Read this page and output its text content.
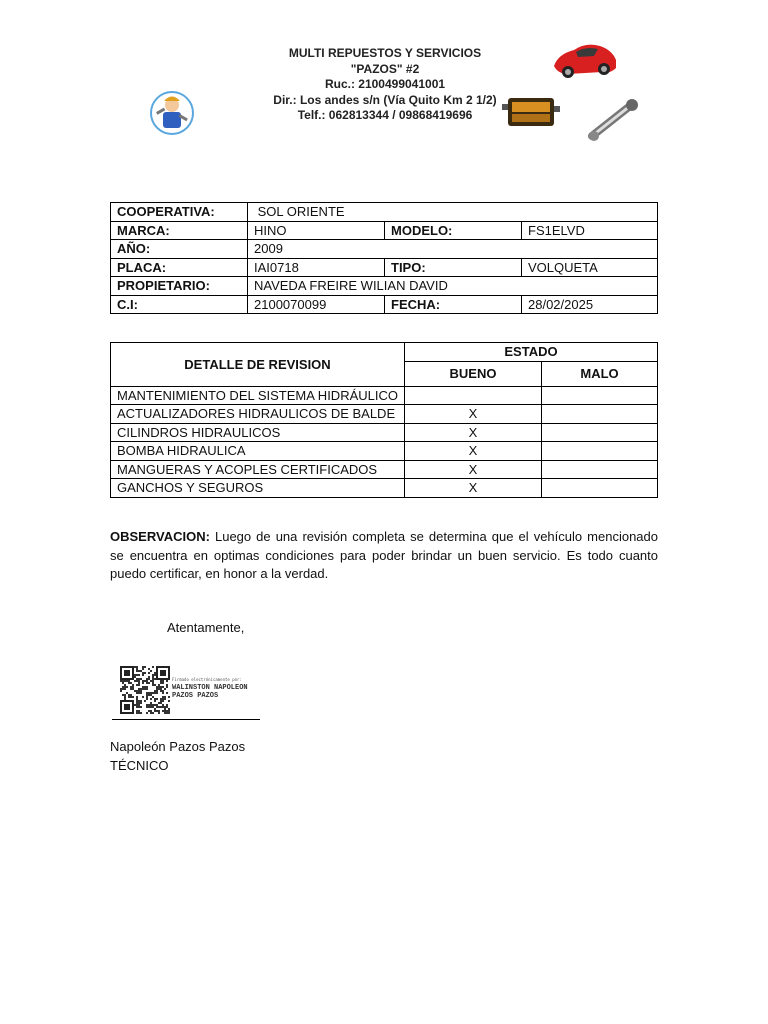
MULTI REPUESTOS Y SERVICIOS
"PAZOS" #2
Ruc.: 2100499041001
Dir.: Los andes s/n (Vía Quito Km 2 1/2)
Telf.: 062813344 / 09868419696
COOPERATIVA:	SOL ORIENTE		
MARCA:	HINO	MODELO:	FS1ELVD
AÑO:	2009		
PLACA:	IAI0718	TIPO:	VOLQUETA
PROPIETARIO:	NAVEDA FREIRE WILIAN DAVID		
C.I:	2100070099	FECHA:	28/02/2025
DETALLE DE REVISION	ESTADO	
	BUENO	MALO
MANTENIMIENTO DEL SISTEMA HIDRÁULICO		
ACTUALIZADORES HIDRAULICOS DE BALDE	X	
CILINDROS HIDRAULICOS	X	
BOMBA HIDRAULICA	X	
MANGUERAS Y ACOPLES CERTIFICADOS	X	
GANCHOS Y SEGUROS	X	
OBSERVACION: Luego de una revisión completa se determina que el vehículo mencionado se encuentra en optimas condiciones para poder brindar un buen servicio. Es todo cuanto puedo certificar, en honor a la verdad.
Atentamente,
Firmado electrónicamente por:
WALINSTON NAPOLEON
PAZOS PAZOS
Napoleón Pazos Pazos
TÉCNICO
